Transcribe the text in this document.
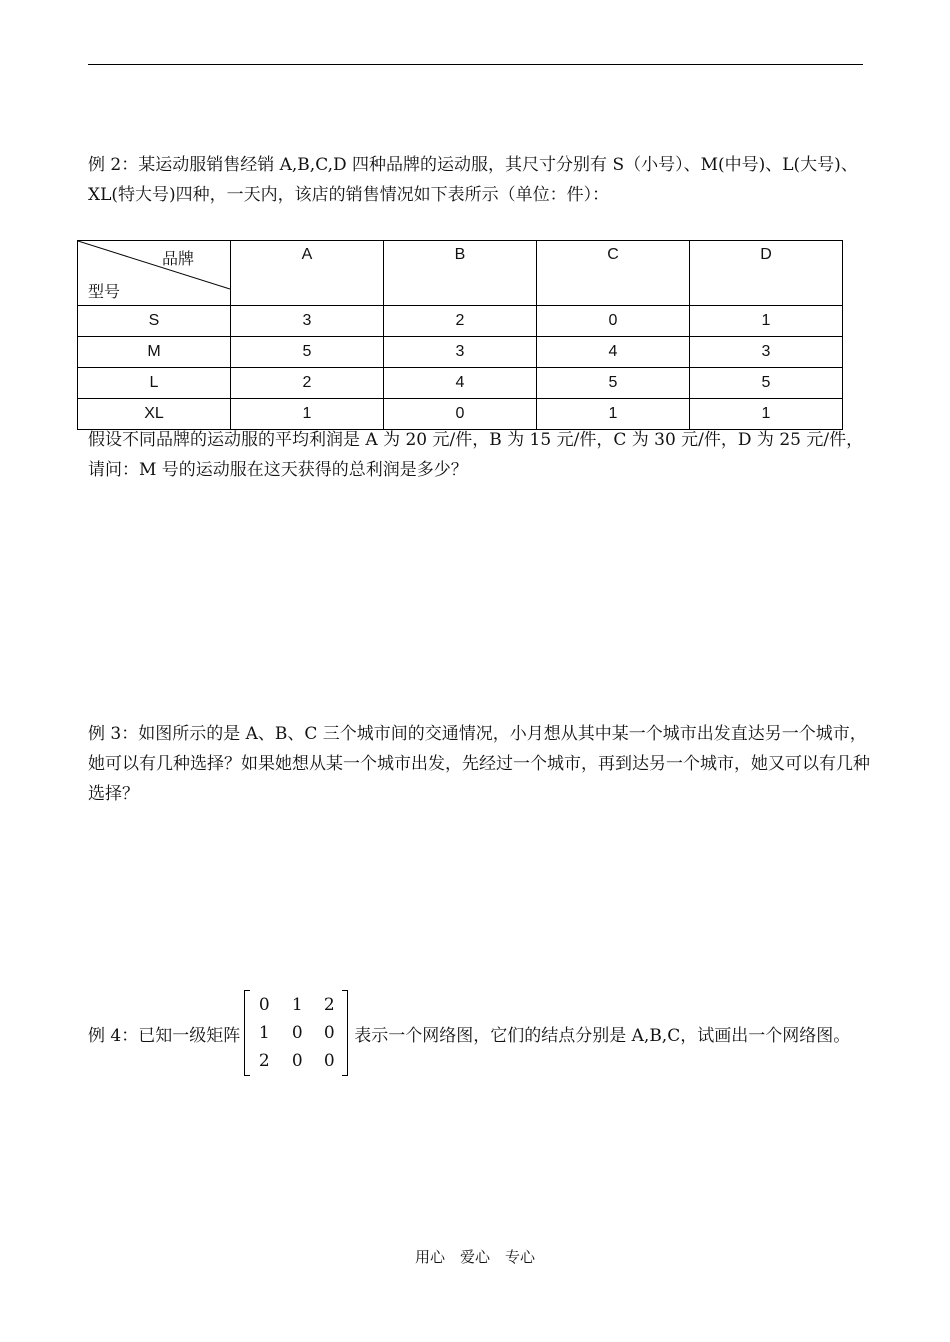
例 2：某运动服销售经销 A,B,C,D 四种品牌的运动服，其尺寸分别有 S（小号）、M(中号)、L(大号)、XL(特大号)四种，一天内，该店的销售情况如下表所示（单位：件）：
品牌
型号	A	B	C	D
S	3	2	0	1
M	5	3	4	3
L	2	4	5	5
XL	1	0	1	1
假设不同品牌的运动服的平均利润是 A 为 20 元/件，B 为 15 元/件，C 为 30 元/件，D 为 25 元/件，请问：M 号的运动服在这天获得的总利润是多少？
例 3：如图所示的是 A、B、C 三个城市间的交通情况，小月想从其中某一个城市出发直达另一个城市，她可以有几种选择？如果她想从某一个城市出发，先经过一个城市，再到达另一个城市，她又可以有几种选择？
例 4：已知一级矩阵
0	1	2
1	0	0
2	0	0
表示一个网络图，它们的结点分别是 A,B,C，试画出一个网络图。
用心　爱心　专心
